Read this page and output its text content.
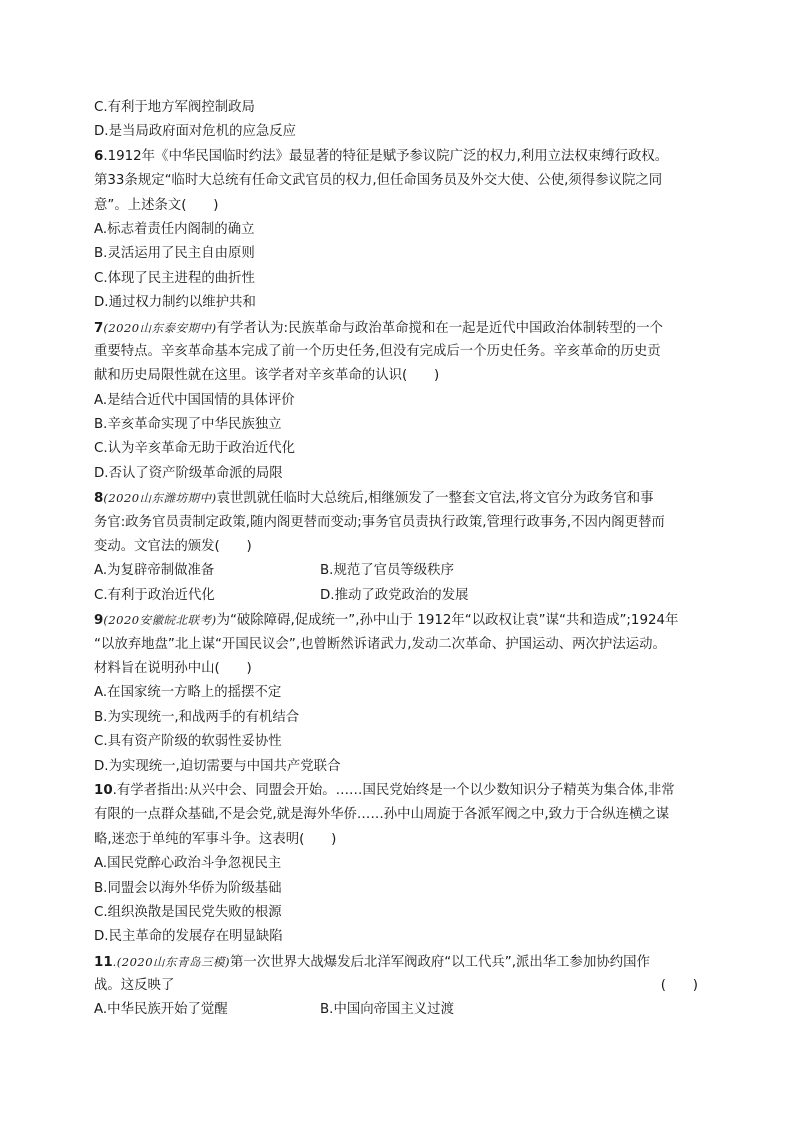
C.有利于地方军阀控制政局
D.是当局政府面对危机的应急反应
6.1912年《中华民国临时约法》最显著的特征是赋予参议院广泛的权力,利用立法权束缚行政权。
第33条规定“临时大总统有任命文武官员的权力,但任命国务员及外交大使、公使,须得参议院之同
意”。上述条文(　　)
A.标志着责任内阁制的确立
B.灵活运用了民主自由原则
C.体现了民主进程的曲折性
D.通过权力制约以维护共和
7(2020山东泰安期中)有学者认为:民族革命与政治革命搅和在一起是近代中国政治体制转型的一个
重要特点。辛亥革命基本完成了前一个历史任务,但没有完成后一个历史任务。辛亥革命的历史贡
献和历史局限性就在这里。该学者对辛亥革命的认识(　　)
A.是结合近代中国国情的具体评价
B.辛亥革命实现了中华民族独立
C.认为辛亥革命无助于政治近代化
D.否认了资产阶级革命派的局限
8(2020山东潍坊期中)袁世凯就任临时大总统后,相继颁发了一整套文官法,将文官分为政务官和事
务官:政务官员责制定政策,随内阁更替而变动;事务官员责执行政策,管理行政事务,不因内阁更替而
变动。文官法的颁发(　　)
A.为复辟帝制做准备	B.规范了官员等级秩序
C.有利于政治近代化	D.推动了政党政治的发展
9(2020安徽皖北联考)为“破除障碍,促成统一”,孙中山于 1912年“以政权让袁”谋“共和造成”;1924年
“以放弃地盘”北上谋“开国民议会”,也曾断然诉诸武力,发动二次革命、护国运动、两次护法运动。
材料旨在说明孙中山(　　)
A.在国家统一方略上的摇摆不定
B.为实现统一,和战两手的有机结合
C.具有资产阶级的软弱性妥协性
D.为实现统一,迫切需要与中国共产党联合
10.有学者指出:从兴中会、同盟会开始。……国民党始终是一个以少数知识分子精英为集合体,非常
有限的一点群众基础,不是会党,就是海外华侨……孙中山周旋于各派军阀之中,致力于合纵连横之谋
略,迷恋于单纯的军事斗争。这表明(　　)
A.国民党醉心政治斗争忽视民主
B.同盟会以海外华侨为阶级基础
C.组织涣散是国民党失败的根源
D.民主革命的发展存在明显缺陷
11.(2020山东青岛三模)第一次世界大战爆发后北洋军阀政府“以工代兵”,派出华工参加协约国作
战。这反映了	(　　)
A.中华民族开始了觉醒	B.中国向帝国主义过渡
